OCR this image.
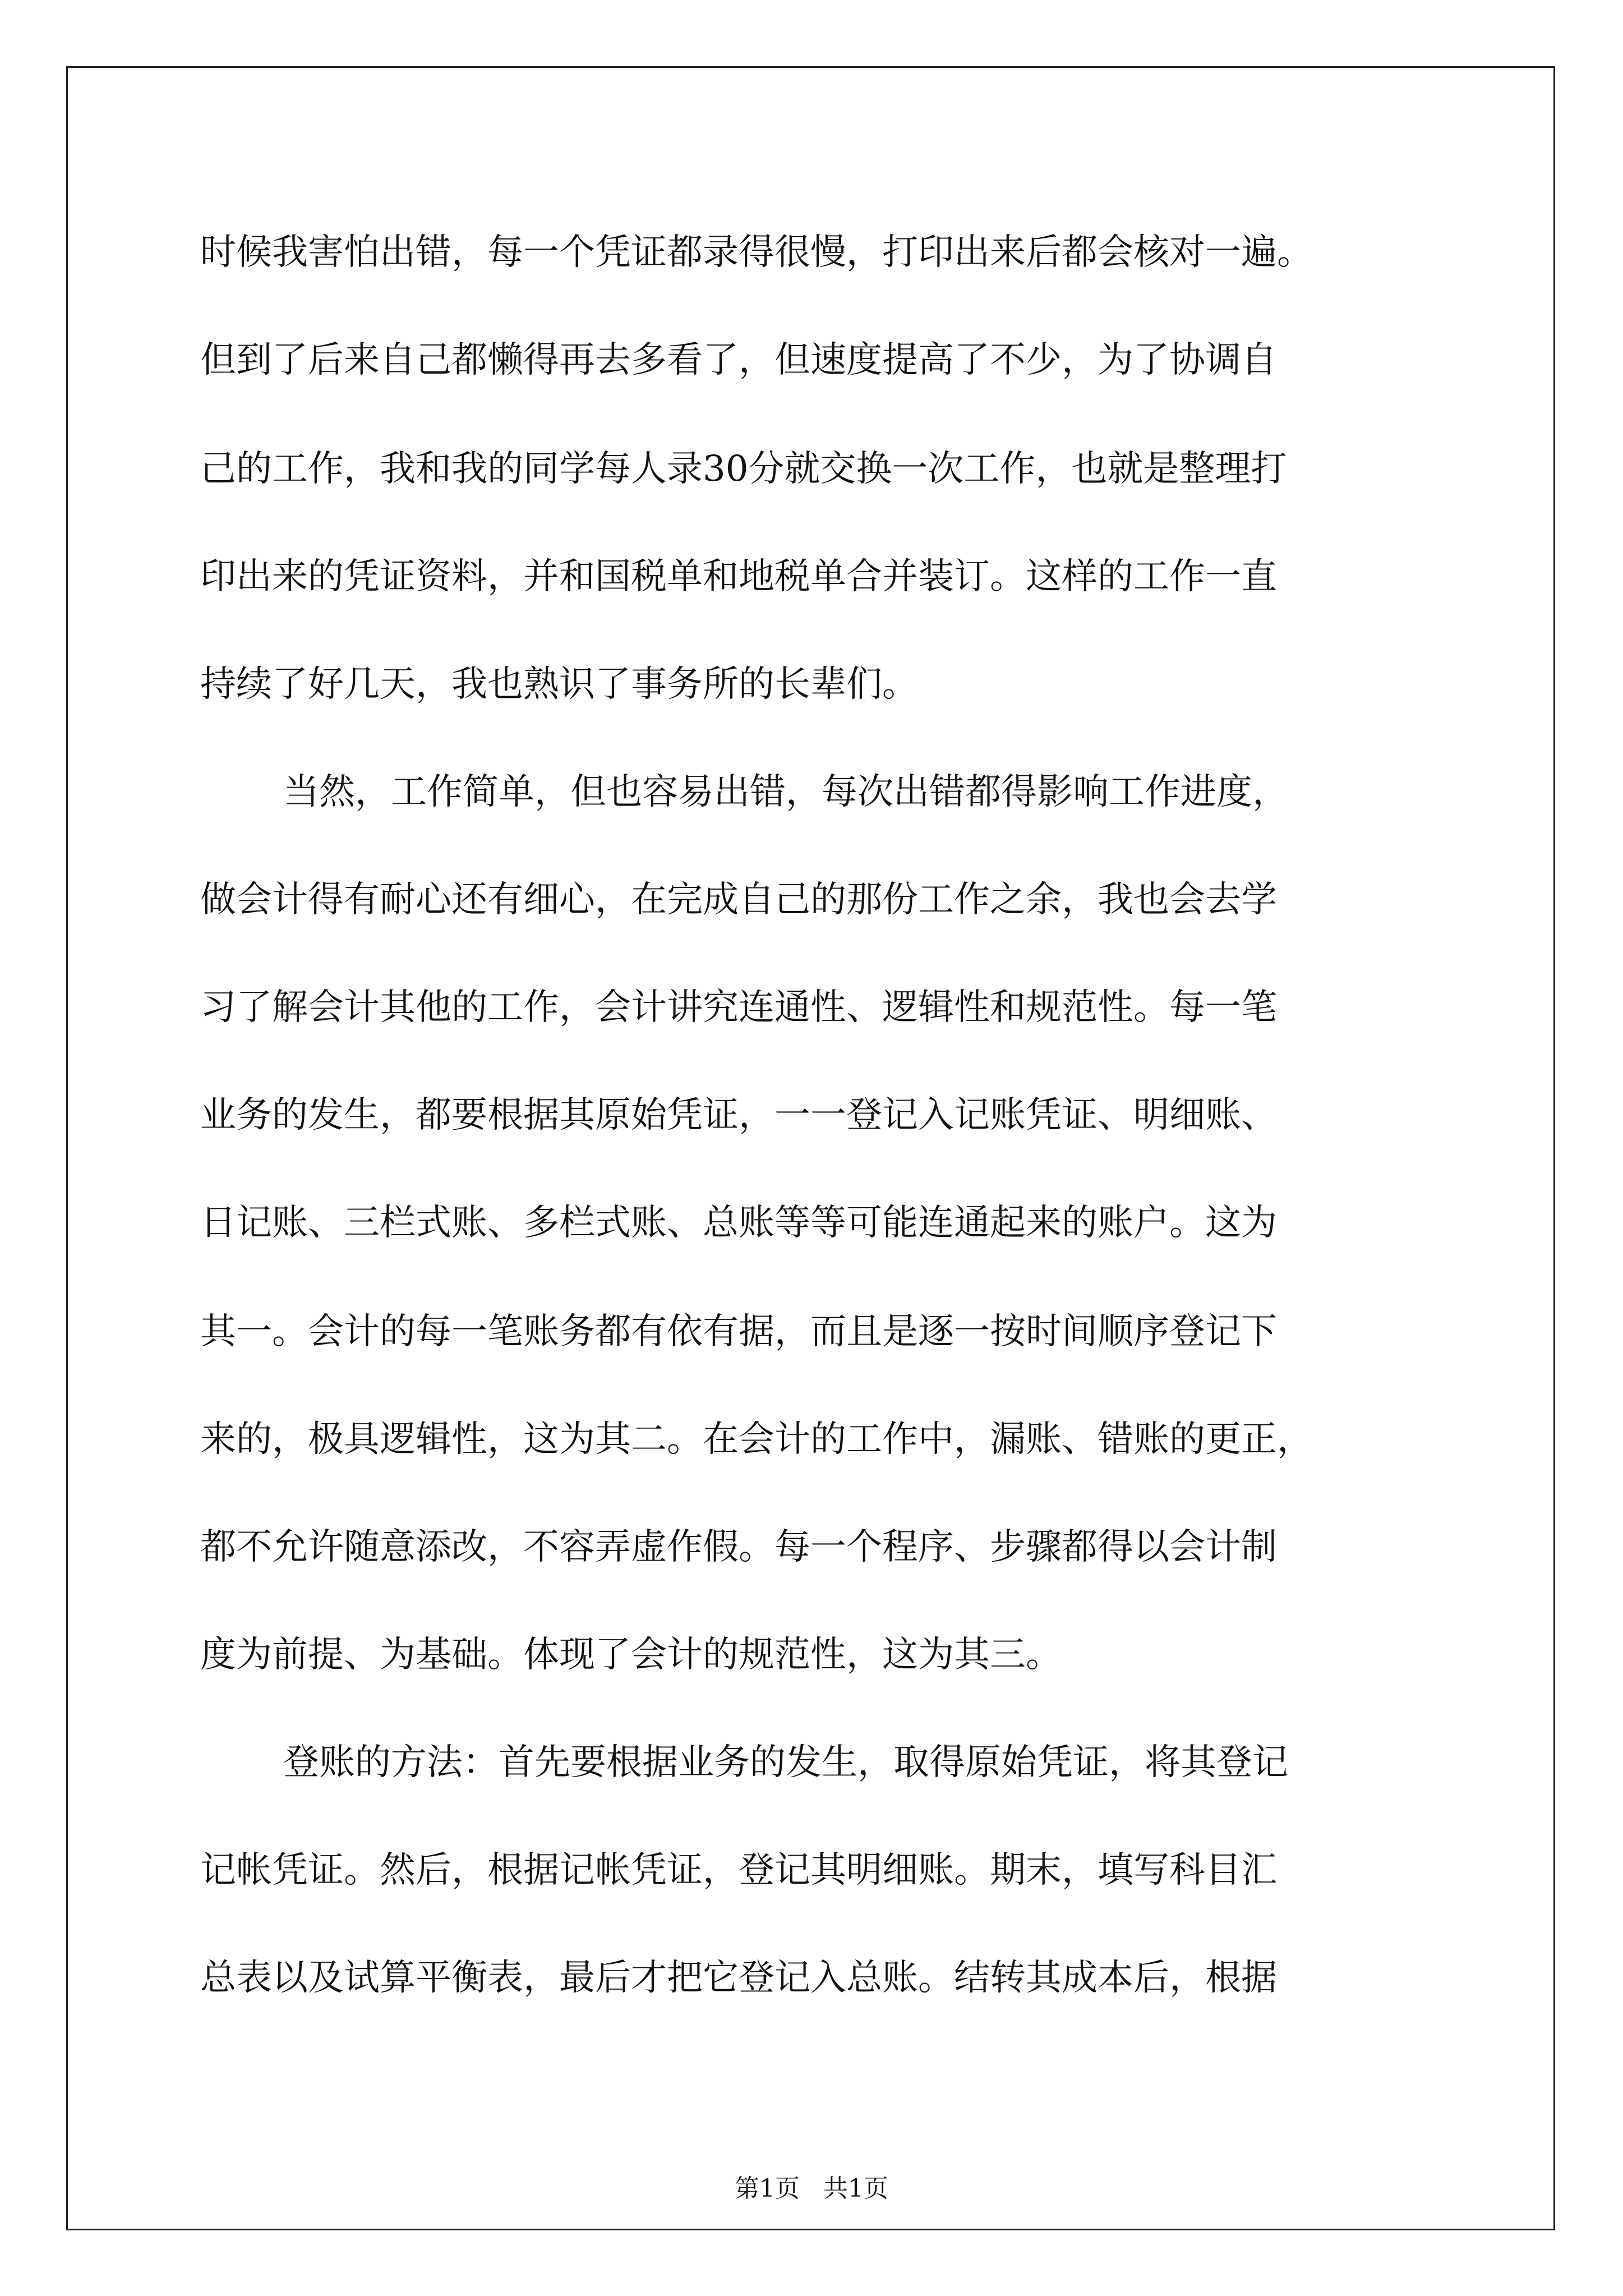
时候我害怕出错，每一个凭证都录得很慢，打印出来后都会核对一遍。
但到了后来自己都懒得再去多看了，但速度提高了不少，为了协调自
己的工作，我和我的同学每人录30分就交换一次工作，也就是整理打
印出来的凭证资料，并和国税单和地税单合并装订。这样的工作一直
持续了好几天，我也熟识了事务所的长辈们。
当然，工作简单，但也容易出错，每次出错都得影响工作进度，
做会计得有耐心还有细心，在完成自己的那份工作之余，我也会去学
习了解会计其他的工作，会计讲究连通性、逻辑性和规范性。每一笔
业务的发生，都要根据其原始凭证，一一登记入记账凭证、明细账、
日记账、三栏式账、多栏式账、总账等等可能连通起来的账户。这为
其一。会计的每一笔账务都有依有据，而且是逐一按时间顺序登记下
来的，极具逻辑性，这为其二。在会计的工作中，漏账、错账的更正，
都不允许随意添改，不容弄虚作假。每一个程序、步骤都得以会计制
度为前提、为基础。体现了会计的规范性，这为其三。
登账的方法：首先要根据业务的发生，取得原始凭证，将其登记
记帐凭证。然后，根据记帐凭证，登记其明细账。期末，填写科目汇
总表以及试算平衡表，最后才把它登记入总账。结转其成本后，根据
第1页 共1页
